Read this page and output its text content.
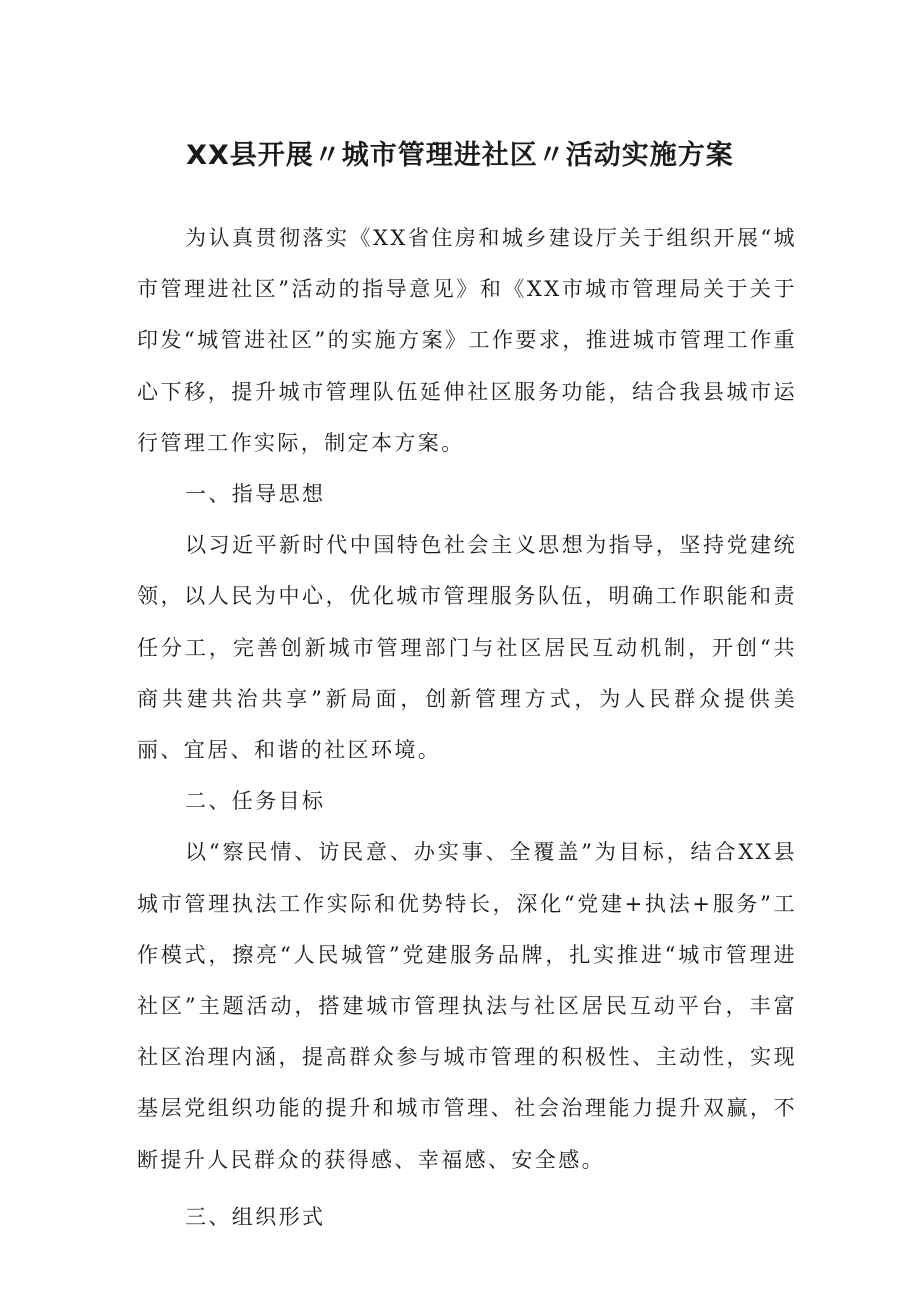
XX县开展〃城市管理进社区〃活动实施方案

为认真贯彻落实《XX省住房和城乡建设厅关于组织开展“城市管理进社区”活动的指导意见》和《XX市城市管理局关于关于印发“城管进社区”的实施方案》工作要求，推进城市管理工作重心下移，提升城市管理队伍延伸社区服务功能，结合我县城市运行管理工作实际，制定本方案。

一、指导思想

以习近平新时代中国特色社会主义思想为指导，坚持党建统领，以人民为中心，优化城市管理服务队伍，明确工作职能和责任分工，完善创新城市管理部门与社区居民互动机制，开创“共商共建共治共享”新局面，创新管理方式，为人民群众提供美丽、宜居、和谐的社区环境。

二、任务目标

以“察民情、访民意、办实事、全覆盖”为目标，结合XX县城市管理执法工作实际和优势特长，深化“党建+执法+服务”工作模式，擦亮“人民城管”党建服务品牌，扎实推进“城市管理进社区”主题活动，搭建城市管理执法与社区居民互动平台，丰富社区治理内涵，提高群众参与城市管理的积极性、主动性，实现基层党组织功能的提升和城市管理、社会治理能力提升双赢，不断提升人民群众的获得感、幸福感、安全感。

三、组织形式
